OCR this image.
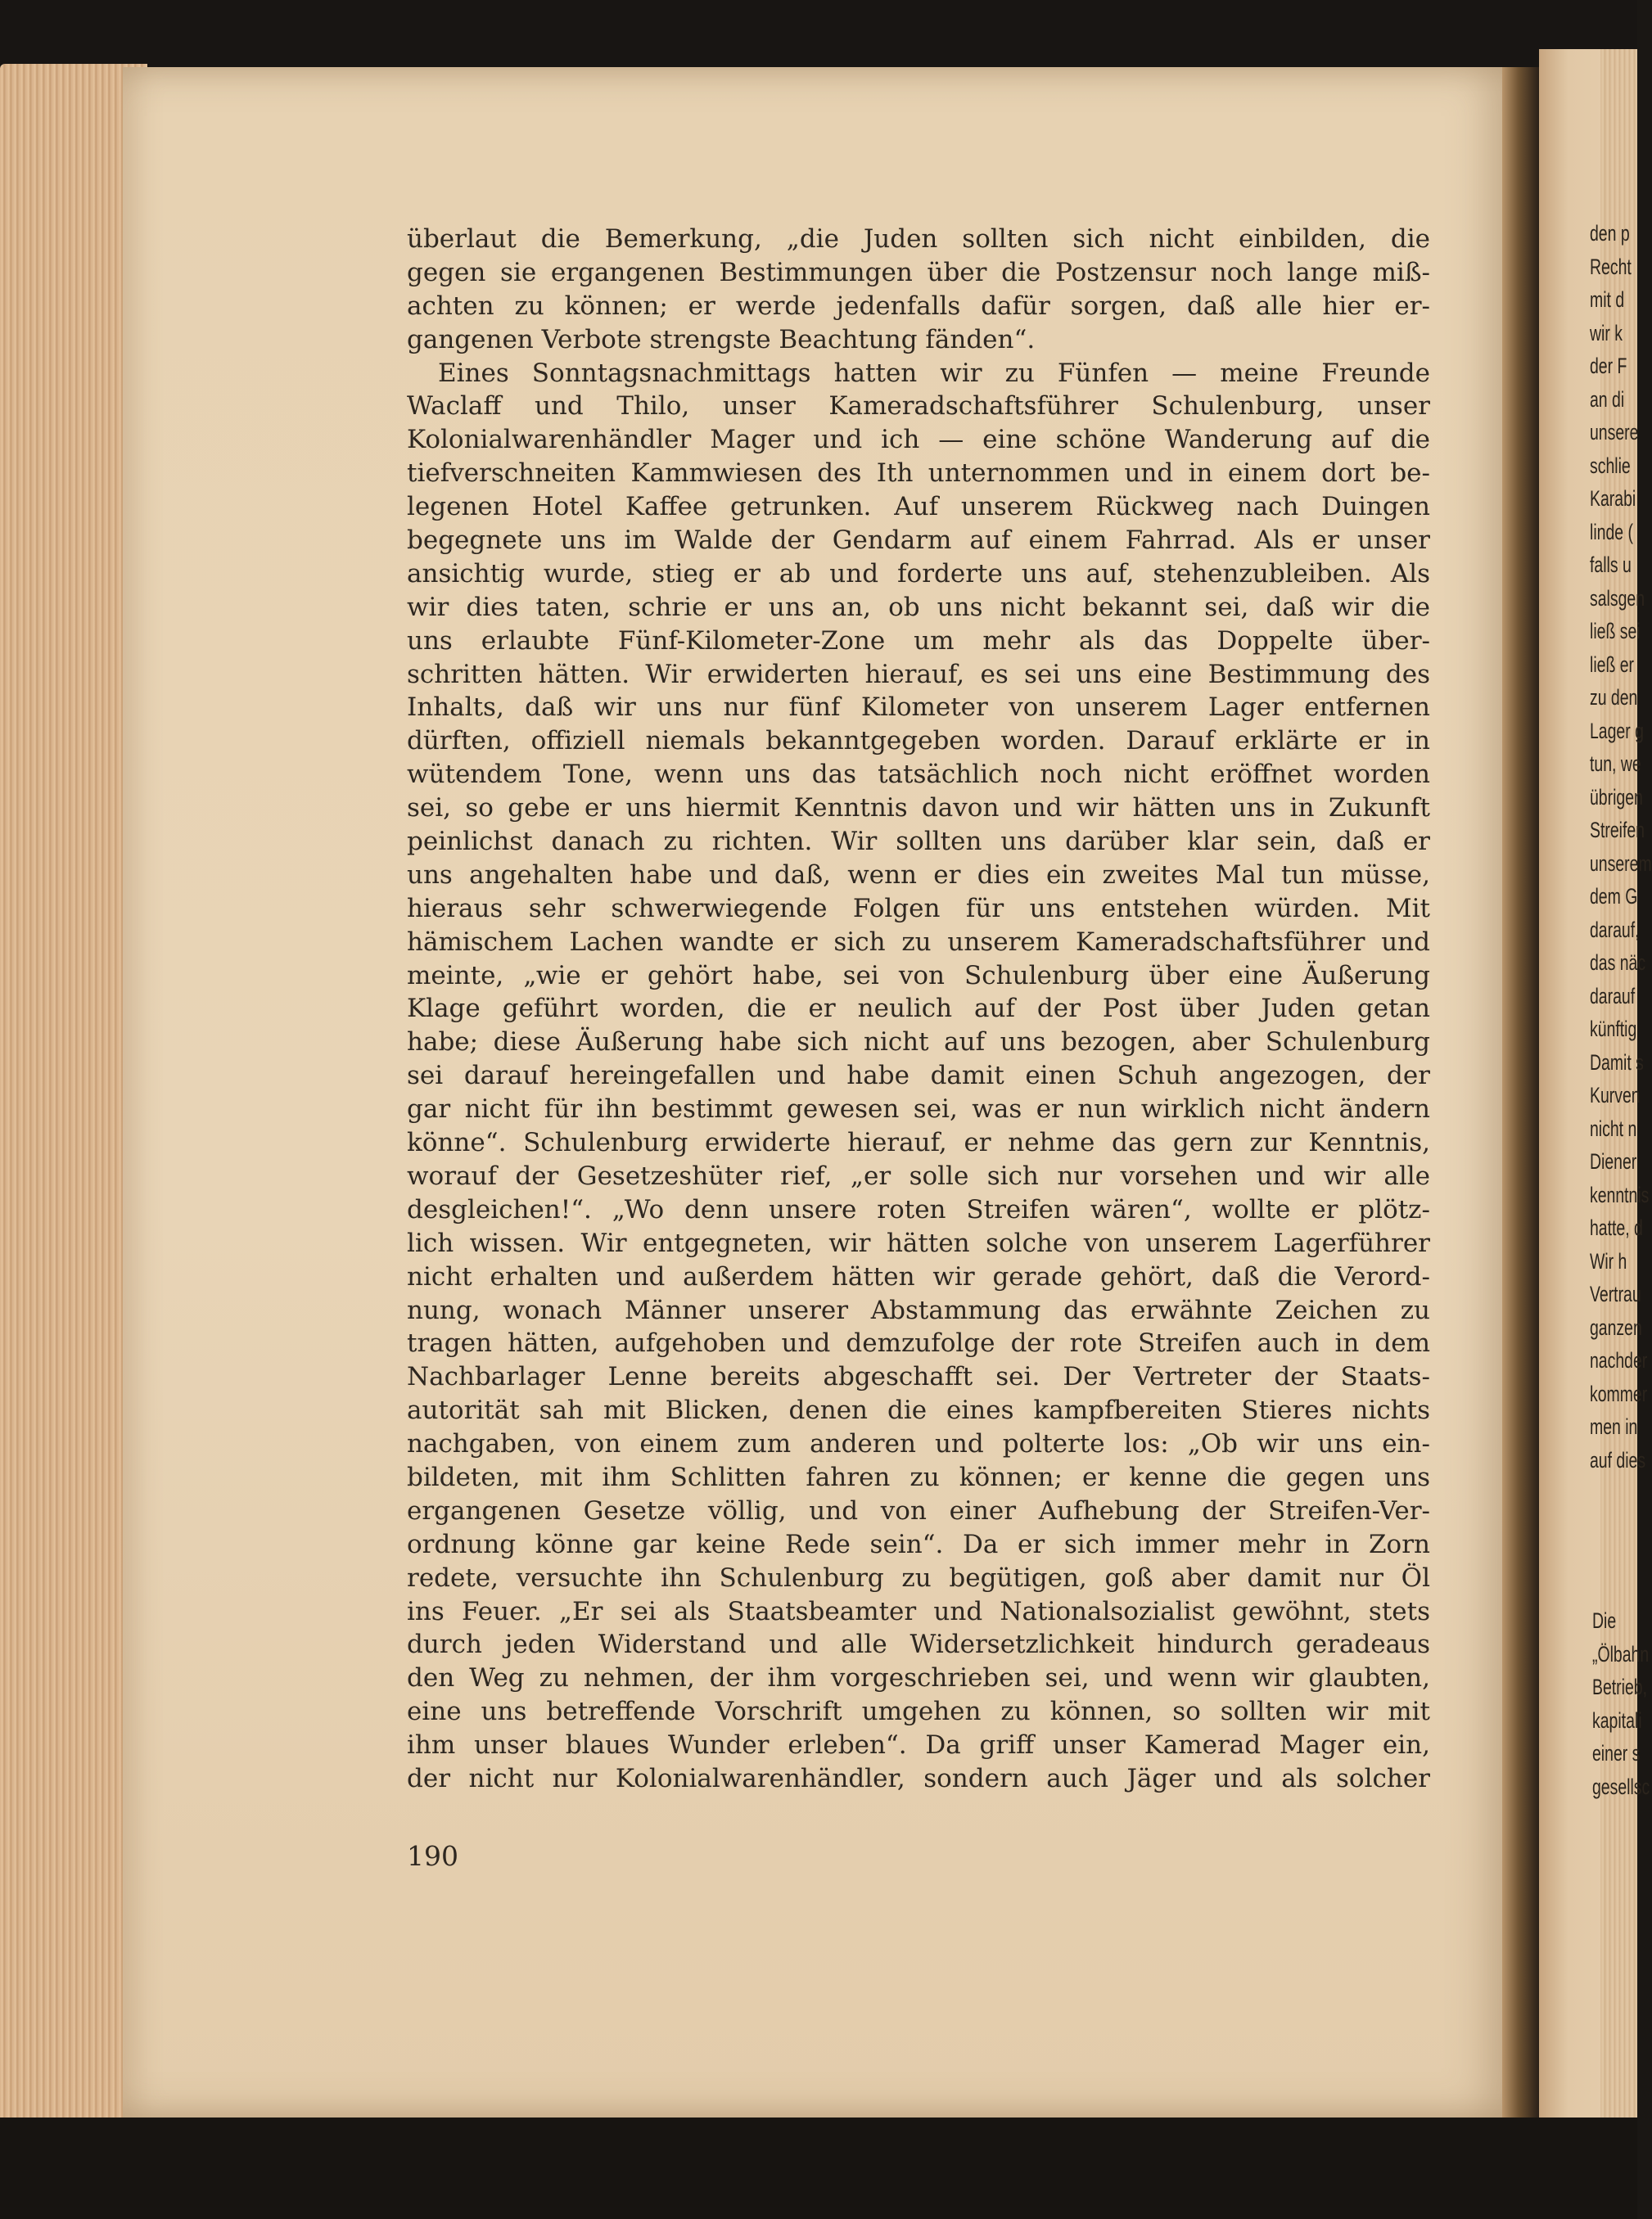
den p
Recht
mit d
wir k
der F
an di
unsere
schlie
Karabi
linde (
falls u
salsgen
ließ sei
ließ er
zu den
Lager g
tun, we
übrigen
Streifen
unserem
dem G
darauf,
das näc
darauf
künftig
Damit s
Kurven
nicht n
Diener
kenntnis
hatte, d
Wir h
Vertrau
ganzen
nachder
kommer
men in
auf dies
Die
„Ölbahn
Betrieb,
kapitali
einer s
gesellsc
überlaut die Bemerkung, „die Juden sollten sich nicht einbilden, die
gegen sie ergangenen Bestimmungen über die Postzensur noch lange miß-
achten zu können; er werde jedenfalls dafür sorgen, daß alle hier er-
gangenen Verbote strengste Beachtung fänden“.
Eines Sonntagsnachmittags hatten wir zu Fünfen — meine Freunde
Waclaff und Thilo, unser Kameradschaftsführer Schulenburg, unser
Kolonialwarenhändler Mager und ich — eine schöne Wanderung auf die
tiefverschneiten Kammwiesen des Ith unternommen und in einem dort be-
legenen Hotel Kaffee getrunken. Auf unserem Rückweg nach Duingen
begegnete uns im Walde der Gendarm auf einem Fahrrad. Als er unser
ansichtig wurde, stieg er ab und forderte uns auf, stehenzubleiben. Als
wir dies taten, schrie er uns an, ob uns nicht bekannt sei, daß wir die
uns erlaubte Fünf-Kilometer-Zone um mehr als das Doppelte über-
schritten hätten. Wir erwiderten hierauf, es sei uns eine Bestimmung des
Inhalts, daß wir uns nur fünf Kilometer von unserem Lager entfernen
dürften, offiziell niemals bekanntgegeben worden. Darauf erklärte er in
wütendem Tone, wenn uns das tatsächlich noch nicht eröffnet worden
sei, so gebe er uns hiermit Kenntnis davon und wir hätten uns in Zukunft
peinlichst danach zu richten. Wir sollten uns darüber klar sein, daß er
uns angehalten habe und daß, wenn er dies ein zweites Mal tun müsse,
hieraus sehr schwerwiegende Folgen für uns entstehen würden. Mit
hämischem Lachen wandte er sich zu unserem Kameradschaftsführer und
meinte, „wie er gehört habe, sei von Schulenburg über eine Äußerung
Klage geführt worden, die er neulich auf der Post über Juden getan
habe; diese Äußerung habe sich nicht auf uns bezogen, aber Schulenburg
sei darauf hereingefallen und habe damit einen Schuh angezogen, der
gar nicht für ihn bestimmt gewesen sei, was er nun wirklich nicht ändern
könne“. Schulenburg erwiderte hierauf, er nehme das gern zur Kenntnis,
worauf der Gesetzeshüter rief, „er solle sich nur vorsehen und wir alle
desgleichen!“. „Wo denn unsere roten Streifen wären“, wollte er plötz-
lich wissen. Wir entgegneten, wir hätten solche von unserem Lagerführer
nicht erhalten und außerdem hätten wir gerade gehört, daß die Verord-
nung, wonach Männer unserer Abstammung das erwähnte Zeichen zu
tragen hätten, aufgehoben und demzufolge der rote Streifen auch in dem
Nachbarlager Lenne bereits abgeschafft sei. Der Vertreter der Staats-
autorität sah mit Blicken, denen die eines kampfbereiten Stieres nichts
nachgaben, von einem zum anderen und polterte los: „Ob wir uns ein-
bildeten, mit ihm Schlitten fahren zu können; er kenne die gegen uns
ergangenen Gesetze völlig, und von einer Aufhebung der Streifen-Ver-
ordnung könne gar keine Rede sein“. Da er sich immer mehr in Zorn
redete, versuchte ihn Schulenburg zu begütigen, goß aber damit nur Öl
ins Feuer. „Er sei als Staatsbeamter und Nationalsozialist gewöhnt, stets
durch jeden Widerstand und alle Widersetzlichkeit hindurch geradeaus
den Weg zu nehmen, der ihm vorgeschrieben sei, und wenn wir glaubten,
eine uns betreffende Vorschrift umgehen zu können, so sollten wir mit
ihm unser blaues Wunder erleben“. Da griff unser Kamerad Mager ein,
der nicht nur Kolonialwarenhändler, sondern auch Jäger und als solcher
190
